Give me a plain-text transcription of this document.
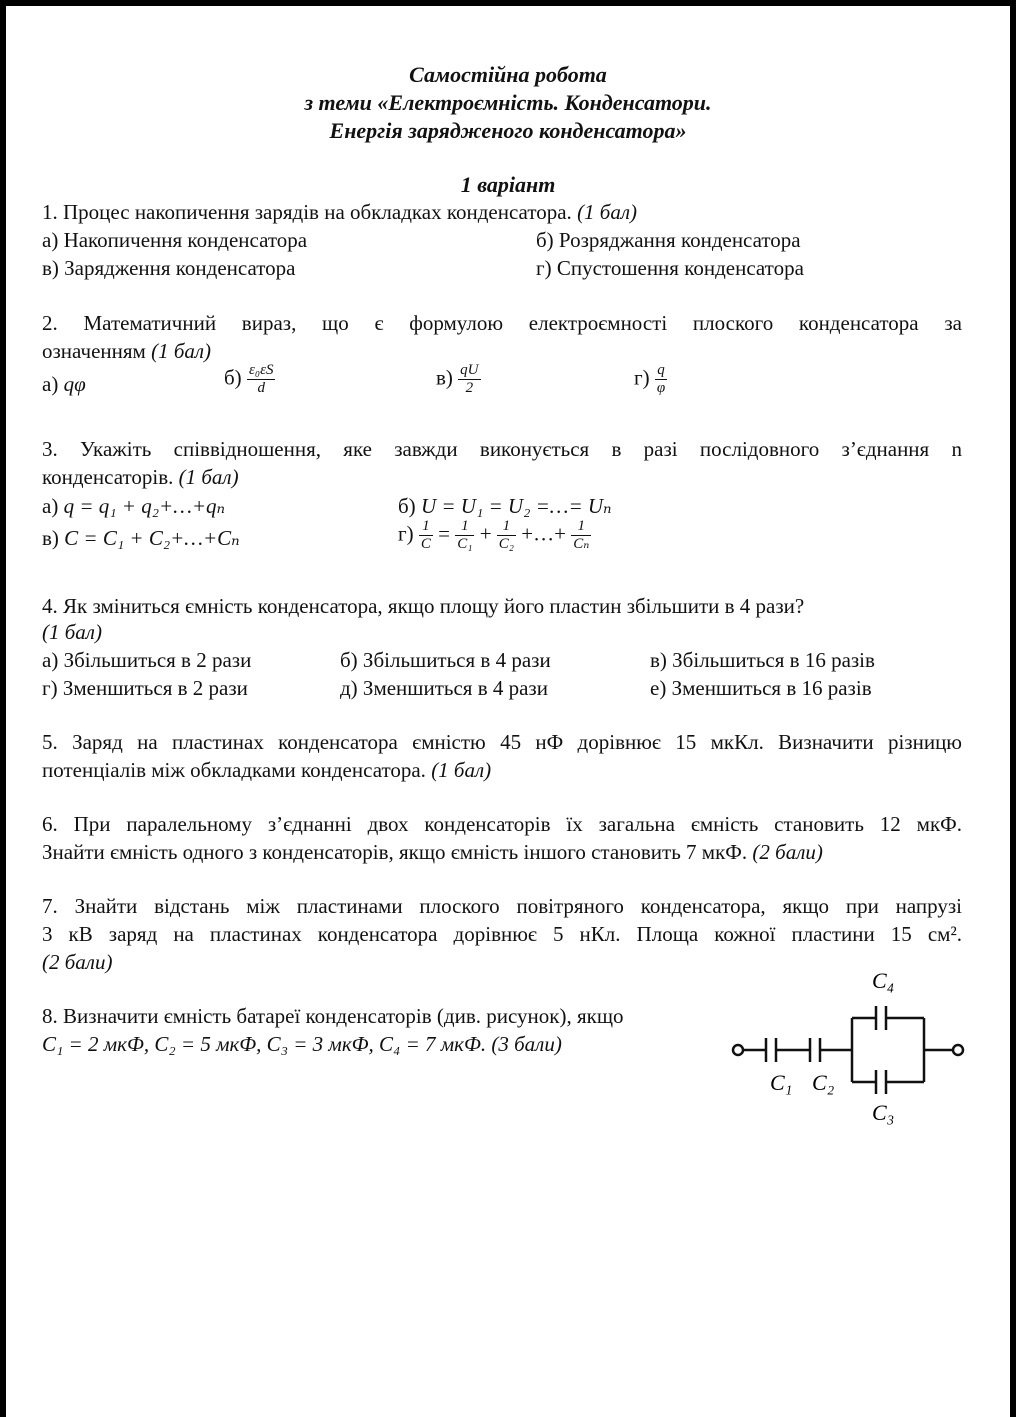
Самостійна робота
з теми «Електроємність. Конденсатори.
Енергія зарядженого конденсатора»
1 варіант
1. Процес накопичення зарядів на обкладках конденсатора. (1 бал)
а) Накопичення конденсатора	б) Розряджання конденсатора
в) Зарядження конденсатора	г) Спустошення конденсатора
2. Математичний вираз, що є формулою електроємності плоского конденсатора за
означенням (1 бал)
а) qφ	$б) \frac{\text{ε₀εS}}{d}$	$в) \frac{qU}{2}$	$г) \frac{q}{\varphi}$
3. Укажіть співвідношення, яке завжди виконується в разі послідовного з’єднання n
конденсаторів. (1 бал)
а) q = q₁ + q₂+…+qₙ	б) U = U₁ = U₂ =…= Uₙ
в) C = C₁ + C₂+…+Cₙ	$г) \frac{1}{C} = \frac{1}{\text{C₁}} + \frac{1}{\text{C₂}}$ +…+ $\frac{1}{\text{Cₙ}}$
4. Як зміниться ємність конденсатора, якщо площу його пластин збільшити в 4 рази?
(1 бал)
а) Збільшиться в 2 рази	б) Збільшиться в 4 рази	в) Збільшиться в 16 разів
г) Зменшиться в 2 рази	д) Зменшиться в 4 рази	е) Зменшиться в 16 разів
5. Заряд на пластинах конденсатора ємністю 45 нФ дорівнює 15 мкКл. Визначити різницю
потенціалів між обкладками конденсатора. (1 бал)
6. При паралельному з’єднанні двох конденсаторів їх загальна ємність становить 12 мкФ.
Знайти ємність одного з конденсаторів, якщо ємність іншого становить 7 мкФ. (2 бали)
7. Знайти відстань між пластинами плоского повітряного конденсатора, якщо при напрузі
3 кВ заряд на пластинах конденсатора дорівнює 5 нКл. Площа кожної пластини 15 см².
(2 бали)
8. Визначити ємність батареї конденсаторів (див. рисунок), якщо
C₁ = 2 мкФ, C₂ = 5 мкФ, C₃ = 3 мкФ, C₄ = 7 мкФ. (3 бали)
C₁ C₂
C₄
C₃
